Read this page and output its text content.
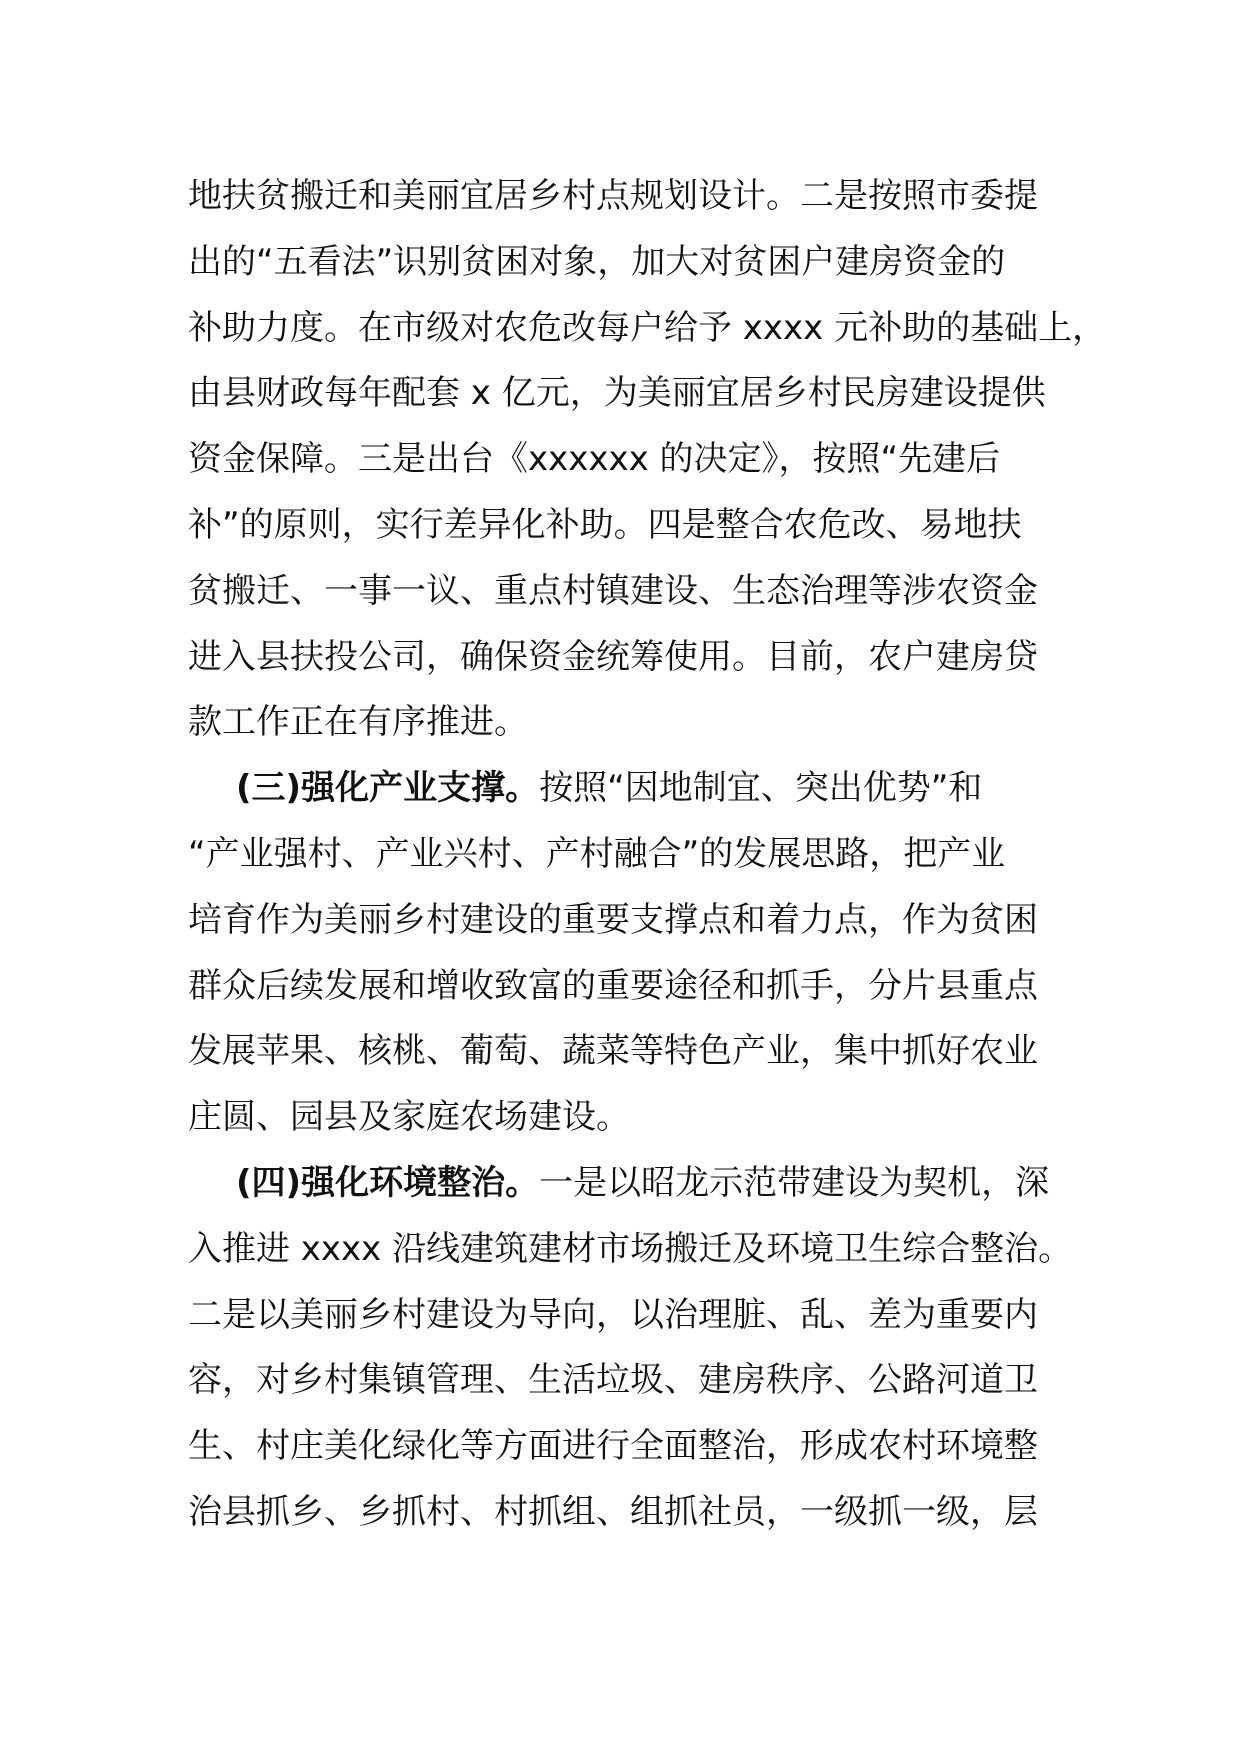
地扶贫搬迁和美丽宜居乡村点规划设计。二是按照市委提
出的“五看法”识别贫困对象，加大对贫困户建房资金的
补助力度。在市级对农危改每户给予 xxxx 元补助的基础上，
由县财政每年配套 x 亿元，为美丽宜居乡村民房建设提供
资金保障。三是出台《xxxxxx 的决定》，按照“先建后
补”的原则，实行差异化补助。四是整合农危改、易地扶
贫搬迁、一事一议、重点村镇建设、生态治理等涉农资金
进入县扶投公司，确保资金统筹使用。目前，农户建房贷
款工作正在有序推进。
(三)强化产业支撑。按照“因地制宜、突出优势”和
“产业强村、产业兴村、产村融合”的发展思路，把产业
培育作为美丽乡村建设的重要支撑点和着力点，作为贫困
群众后续发展和增收致富的重要途径和抓手，分片县重点
发展苹果、核桃、葡萄、蔬菜等特色产业，集中抓好农业
庄圆、园县及家庭农场建设。
(四)强化环境整治。一是以昭龙示范带建设为契机，深
入推进 xxxx 沿线建筑建材市场搬迁及环境卫生综合整治。
二是以美丽乡村建设为导向，以治理脏、乱、差为重要内
容，对乡村集镇管理、生活垃圾、建房秩序、公路河道卫
生、村庄美化绿化等方面进行全面整治，形成农村环境整
治县抓乡、乡抓村、村抓组、组抓社员，一级抓一级，层
